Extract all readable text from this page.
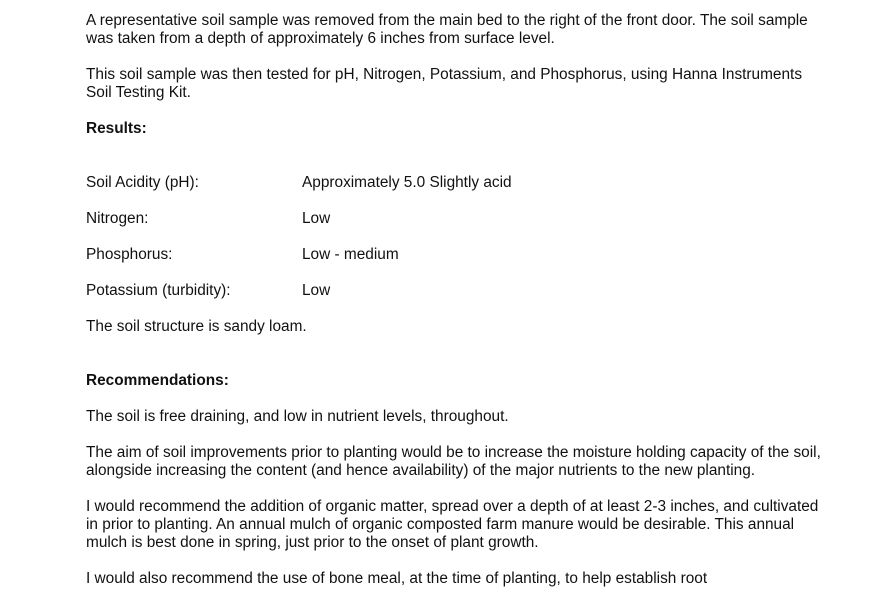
A representative soil sample was removed from the main bed to the right of the front door. The soil sample was taken from a depth of approximately 6 inches from surface level.

This soil sample was then tested for pH, Nitrogen, Potassium, and Phosphorus, using Hanna Instruments Soil Testing Kit.

Results:

Soil Acidity (pH):	Approximately 5.0 Slightly acid
Nitrogen:	Low
Phosphorus:	Low - medium
Potassium (turbidity):	Low

The soil structure is sandy loam.

Recommendations:

The soil is free draining, and low in nutrient levels, throughout.

The aim of soil improvements prior to planting would be to increase the moisture holding capacity of the soil, alongside increasing the content (and hence availability) of the major nutrients to the new planting.

I would recommend the addition of organic matter, spread over a depth of at least 2-3 inches, and cultivated in prior to planting. An annual mulch of organic composted farm manure would be desirable. This annual mulch is best done in spring, just prior to the onset of plant growth.

I would also recommend the use of bone meal, at the time of planting, to help establish root
